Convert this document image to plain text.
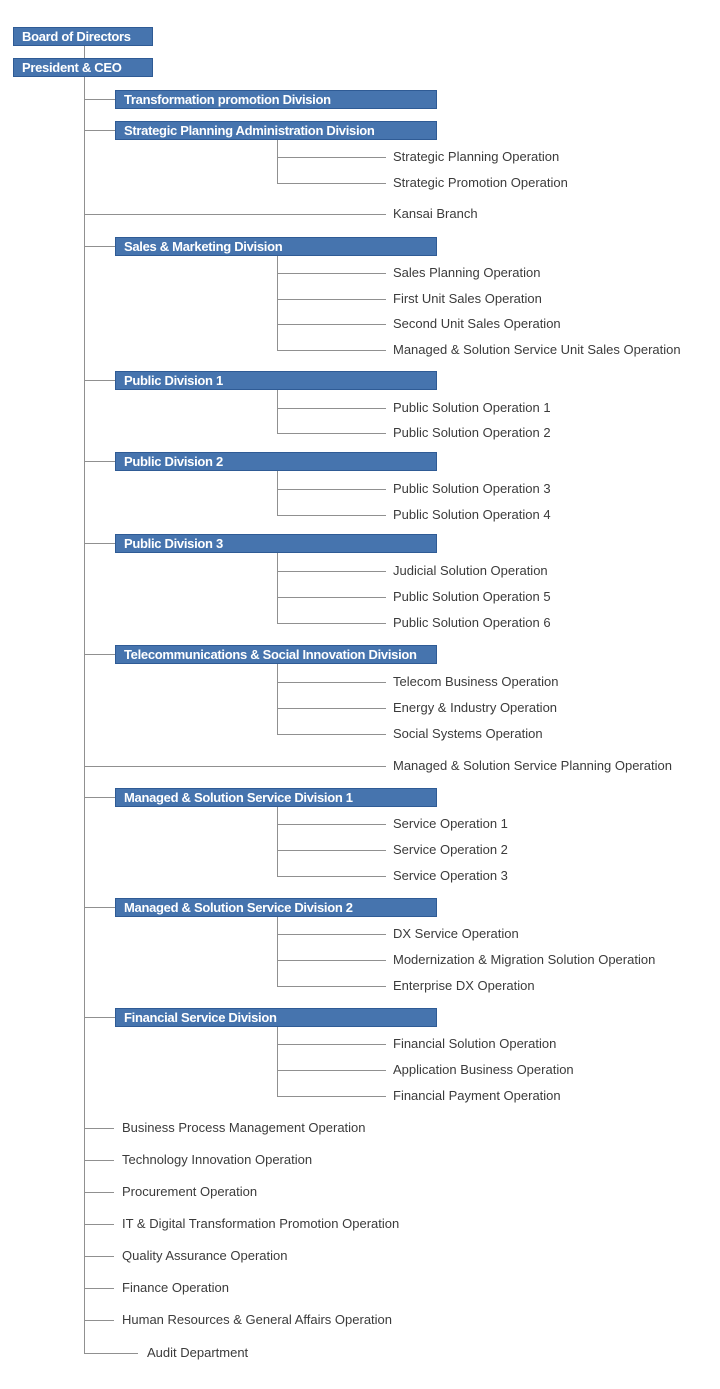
Board of Directors
President & CEO
Transformation promotion Division
Strategic Planning Administration Division
Strategic Planning Operation
Strategic Promotion Operation
Kansai Branch
Sales & Marketing Division
Sales Planning Operation
First Unit Sales Operation
Second Unit Sales Operation
Managed & Solution Service Unit Sales Operation
Public Division 1
Public Solution Operation 1
Public Solution Operation 2
Public Division 2
Public Solution Operation 3
Public Solution Operation 4
Public Division 3
Judicial Solution Operation
Public Solution Operation 5
Public Solution Operation 6
Telecommunications & Social Innovation Division
Telecom Business Operation
Energy & Industry Operation
Social Systems Operation
Managed & Solution Service Planning Operation
Managed & Solution Service Division 1
Service Operation 1
Service Operation 2
Service Operation 3
Managed & Solution Service Division 2
DX Service Operation
Modernization & Migration Solution Operation
Enterprise DX Operation
Financial Service Division
Financial Solution Operation
Application Business Operation
Financial Payment Operation
Business Process Management Operation
Technology Innovation Operation
Procurement Operation
IT & Digital Transformation Promotion Operation
Quality Assurance Operation
Finance Operation
Human Resources & General Affairs Operation
Audit Department
